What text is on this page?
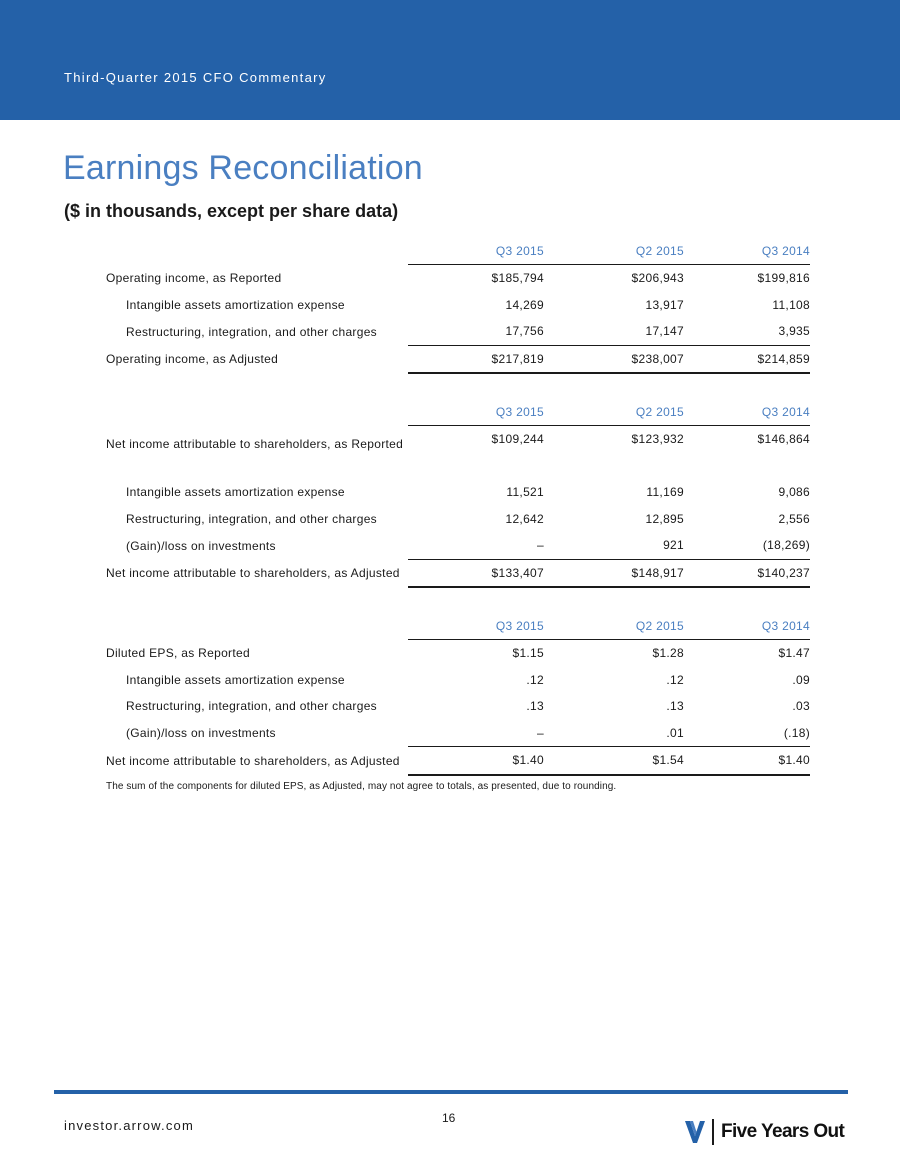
Third-Quarter 2015 CFO Commentary
Earnings Reconciliation
($ in thousands, except per share data)
	Q3 2015	Q2 2015	Q3 2014
Operating income, as Reported	$185,794	$206,943	$199,816
Intangible assets amortization expense	14,269	13,917	11,108
Restructuring, integration, and other charges	17,756	17,147	3,935
Operating income, as Adjusted	$217,819	$238,007	$214,859
	Q3 2015	Q2 2015	Q3 2014
Net income attributable to shareholders, as Reported	$109,244	$123,932	$146,864
Intangible assets amortization expense	11,521	11,169	9,086
Restructuring, integration, and other charges	12,642	12,895	2,556
(Gain)/loss on investments	–	921	(18,269)
Net income attributable to shareholders, as Adjusted	$133,407	$148,917	$140,237
	Q3 2015	Q2 2015	Q3 2014
Diluted EPS, as Reported	$1.15	$1.28	$1.47
Intangible assets amortization expense	.12	.12	.09
Restructuring, integration, and other charges	.13	.13	.03
(Gain)/loss on investments	–	.01	(.18)
Net income attributable to shareholders, as Adjusted	$1.40	$1.54	$1.40
The sum of the components for diluted EPS, as Adjusted, may not agree to totals, as presented, due to rounding.
investor.arrow.com	16
Five Years Out
